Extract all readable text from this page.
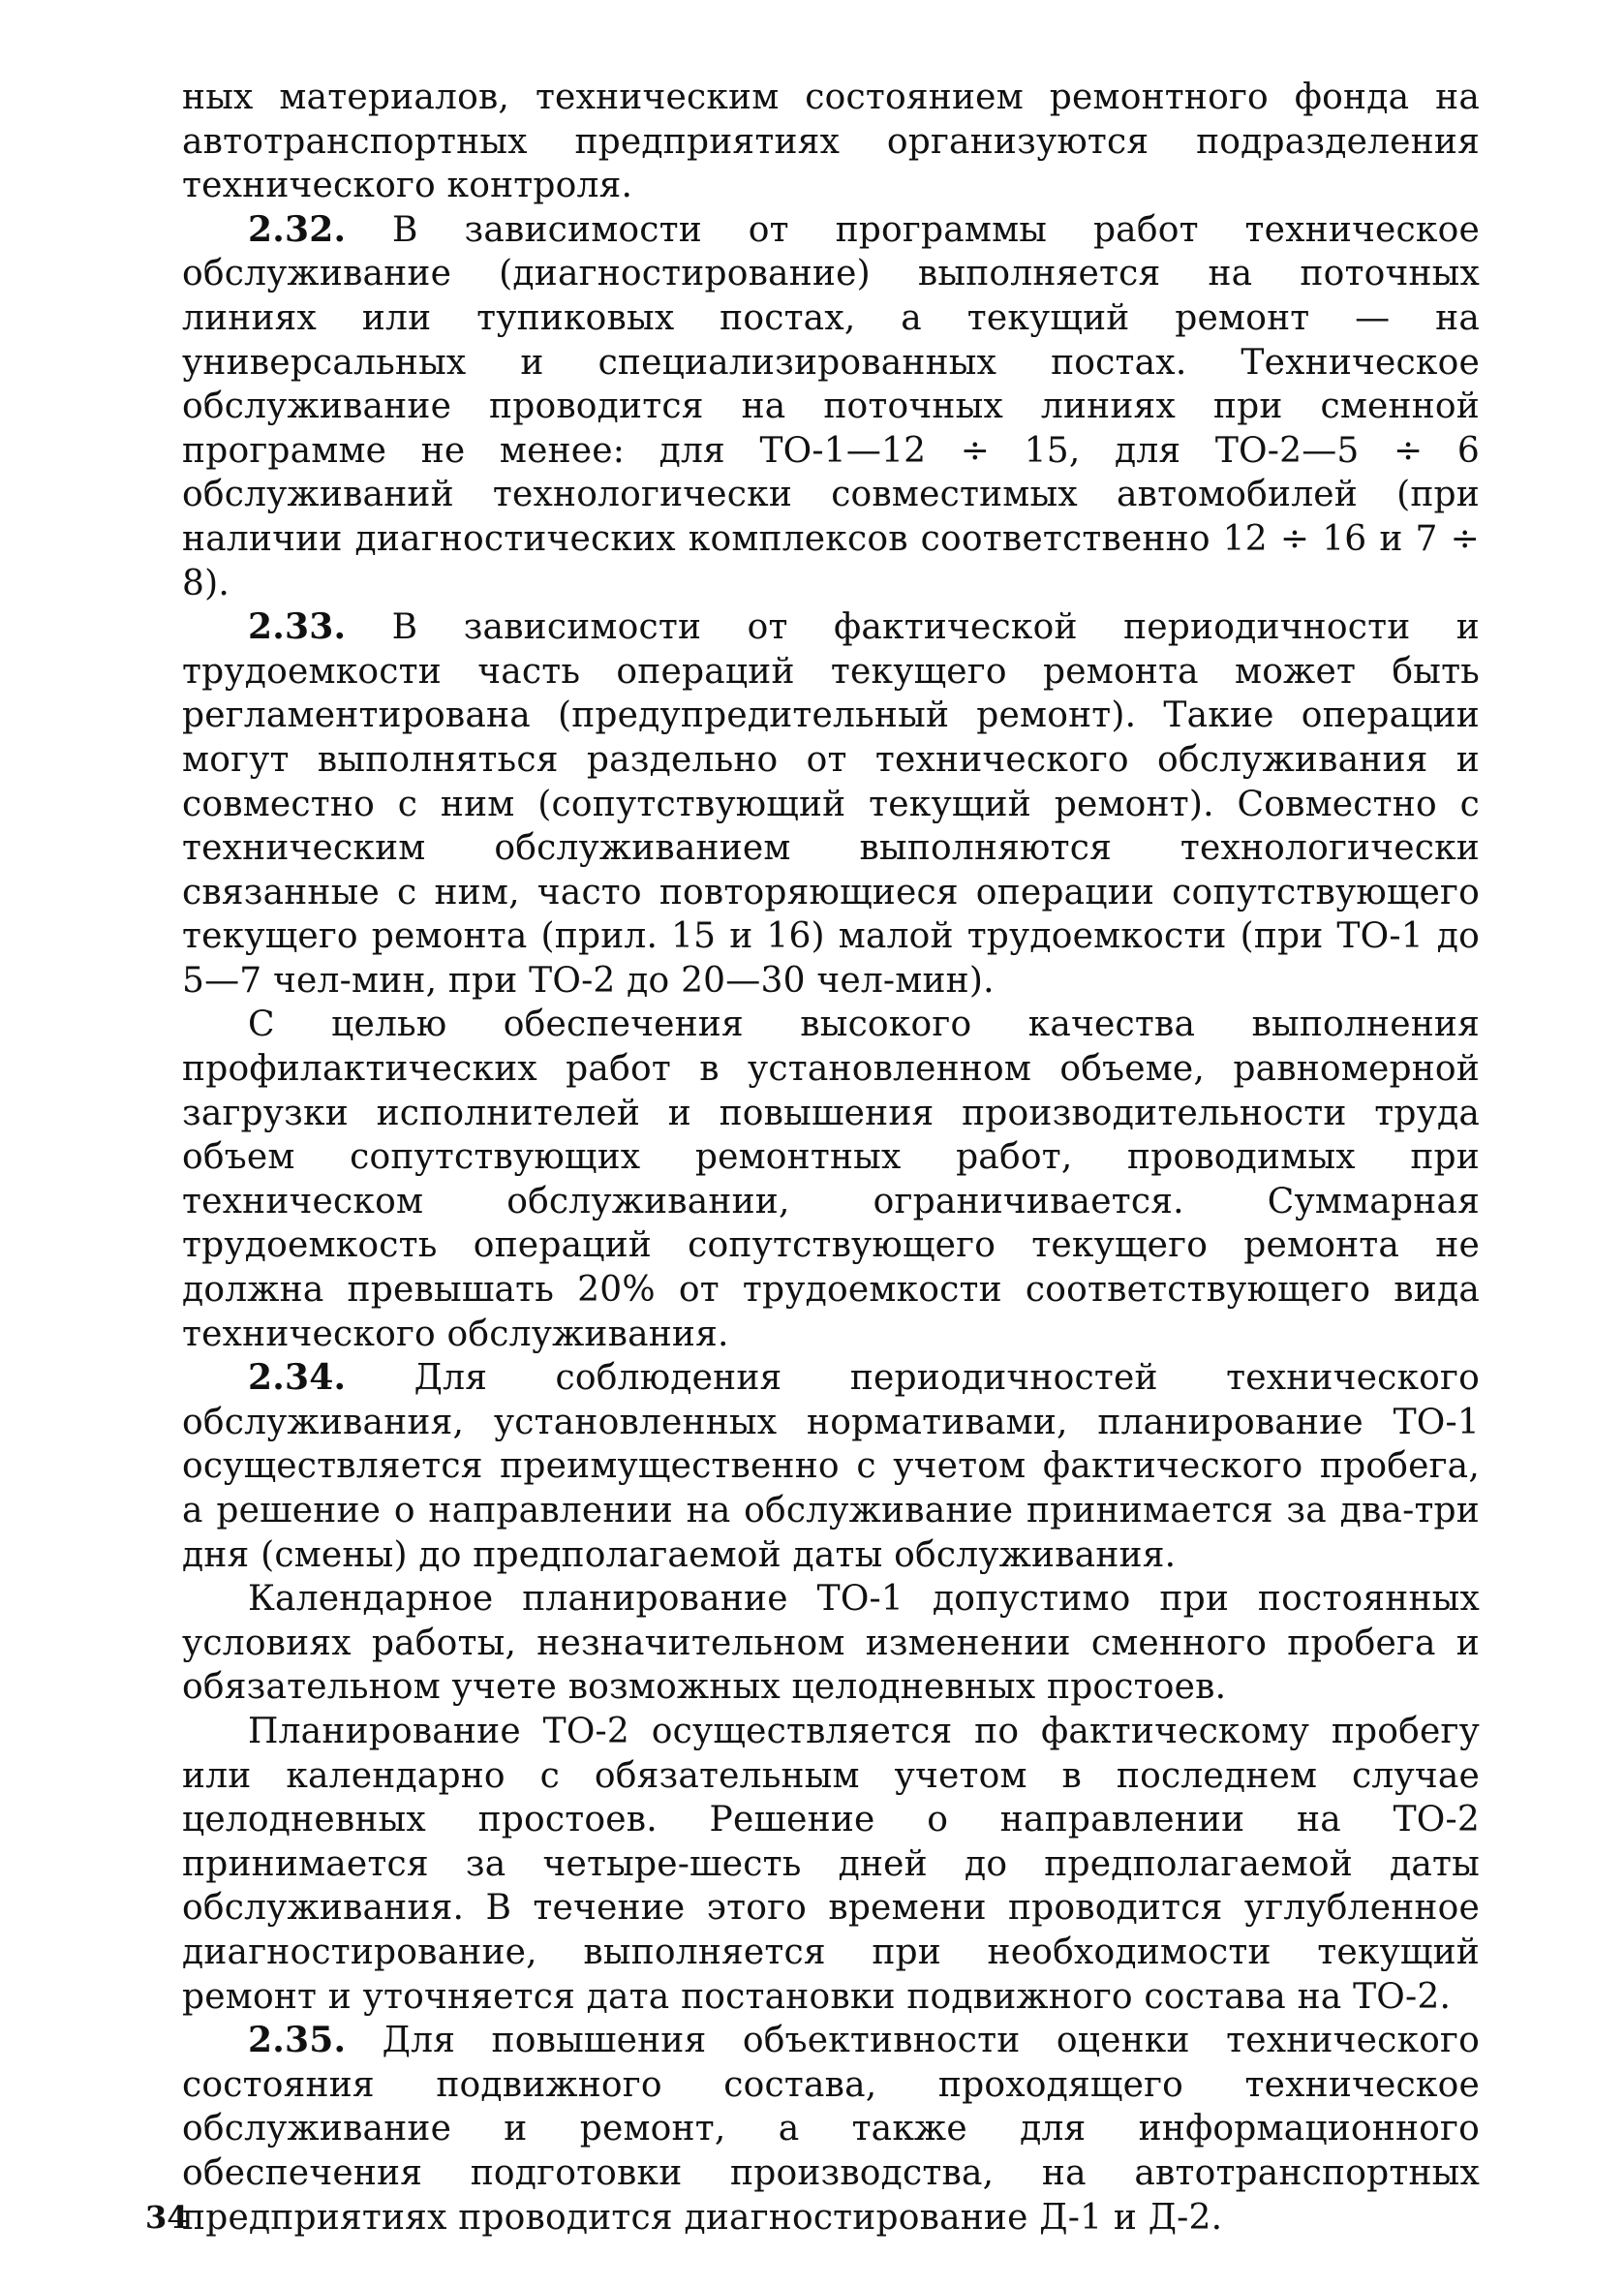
ных материалов, техническим состоянием ремонтного фонда на автотранспортных предприятиях организуются подразделения технического контроля.

2.32. В зависимости от программы работ техническое обслуживание (диагностирование) выполняется на поточных линиях или тупиковых постах, а текущий ремонт — на универсальных и специализированных постах. Техническое обслуживание проводится на поточных линиях при сменной программе не менее: для ТО-1—12 ÷ 15, для ТО-2—5 ÷ 6 обслуживаний технологически совместимых автомобилей (при наличии диагностических комплексов соответственно 12 ÷ 16 и 7 ÷ 8).

2.33. В зависимости от фактической периодичности и трудоемкости часть операций текущего ремонта может быть регламентирована (предупредительный ремонт). Такие операции могут выполняться раздельно от технического обслуживания и совместно с ним (сопутствующий текущий ремонт). Совместно с техническим обслуживанием выполняются технологически связанные с ним, часто повторяющиеся операции сопутствующего текущего ремонта (прил. 15 и 16) малой трудоемкости (при ТО-1 до 5—7 чел-мин, при ТО-2 до 20—30 чел-мин).

С целью обеспечения высокого качества выполнения профилактических работ в установленном объеме, равномерной загрузки исполнителей и повышения производительности труда объем сопутствующих ремонтных работ, проводимых при техническом обслуживании, ограничивается. Суммарная трудоемкость операций сопутствующего текущего ремонта не должна превышать 20% от трудоемкости соответствующего вида технического обслуживания.

2.34. Для соблюдения периодичностей технического обслуживания, установленных нормативами, планирование ТО-1 осуществляется преимущественно с учетом фактического пробега, а решение о направлении на обслуживание принимается за два-три дня (смены) до предполагаемой даты обслуживания.

Календарное планирование ТО-1 допустимо при постоянных условиях работы, незначительном изменении сменного пробега и обязательном учете возможных целодневных простоев.

Планирование ТО-2 осуществляется по фактическому пробегу или календарно с обязательным учетом в последнем случае целодневных простоев. Решение о направлении на ТО-2 принимается за четыре-шесть дней до предполагаемой даты обслуживания. В течение этого времени проводится углубленное диагностирование, выполняется при необходимости текущий ремонт и уточняется дата постановки подвижного состава на ТО-2.

2.35. Для повышения объективности оценки технического состояния подвижного состава, проходящего техническое обслуживание и ремонт, а также для информационного обеспечения подготовки производства, на автотранспортных предприятиях проводится диагностирование Д-1 и Д-2.

34
